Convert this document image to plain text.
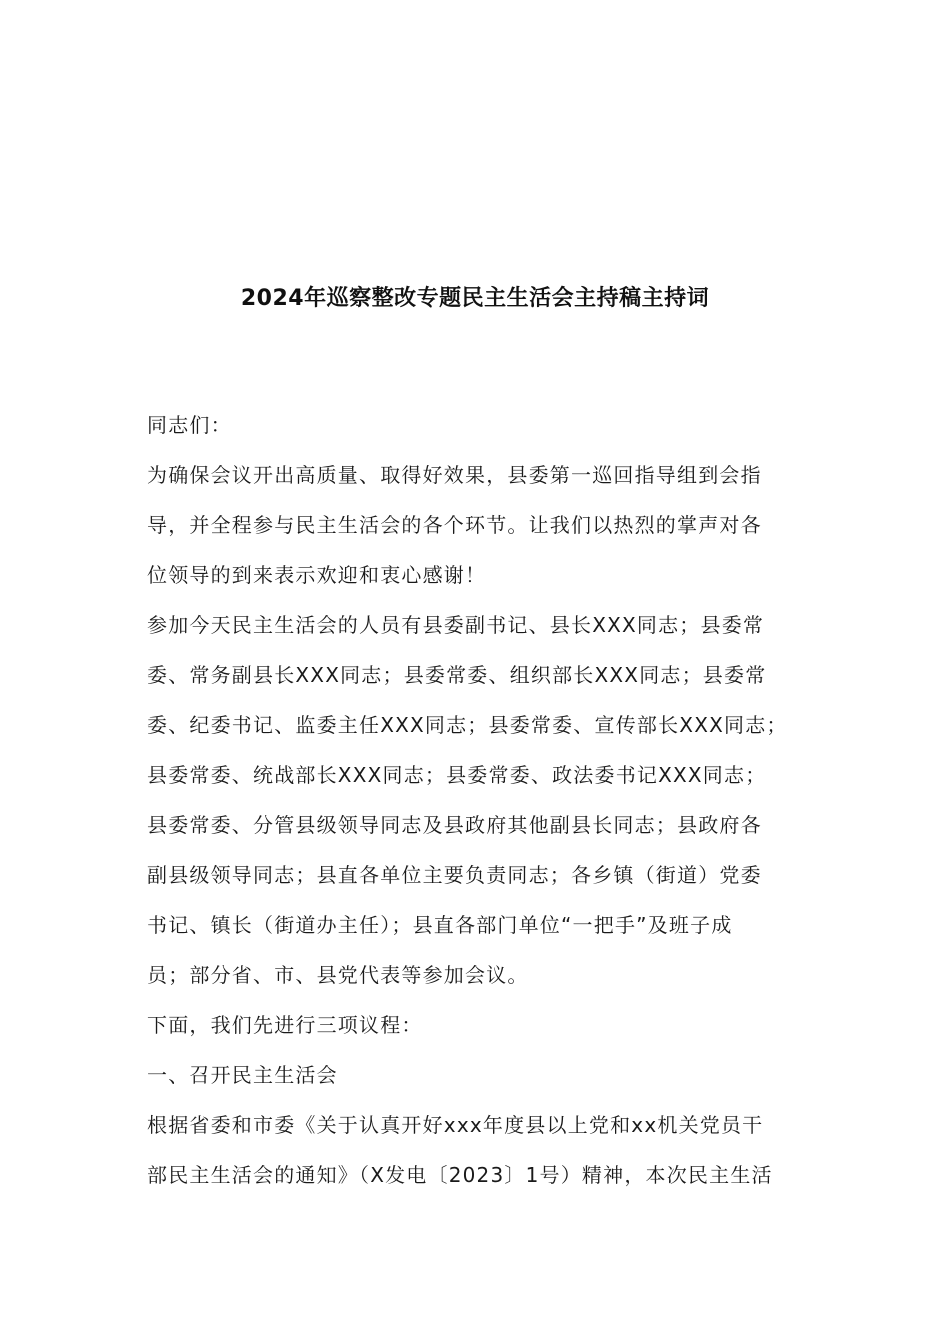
2024年巡察整改专题民主生活会主持稿主持词
同志们：
为确保会议开出高质量、取得好效果，县委第一巡回指导组到会指
导，并全程参与民主生活会的各个环节。让我们以热烈的掌声对各
位领导的到来表示欢迎和衷心感谢！
参加今天民主生活会的人员有县委副书记、县长XXX同志；县委常
委、常务副县长XXX同志；县委常委、组织部长XXX同志；县委常
委、纪委书记、监委主任XXX同志；县委常委、宣传部长XXX同志；
县委常委、统战部长XXX同志；县委常委、政法委书记XXX同志；
县委常委、分管县级领导同志及县政府其他副县长同志；县政府各
副县级领导同志；县直各单位主要负责同志；各乡镇（街道）党委
书记、镇长（街道办主任）；县直各部门单位“一把手”及班子成
员；部分省、市、县党代表等参加会议。
下面，我们先进行三项议程：
一、召开民主生活会
根据省委和市委《关于认真开好xxx年度县以上党和xx机关党员干
部民主生活会的通知》（X发电〔2023〕1号）精神，本次民主生活
